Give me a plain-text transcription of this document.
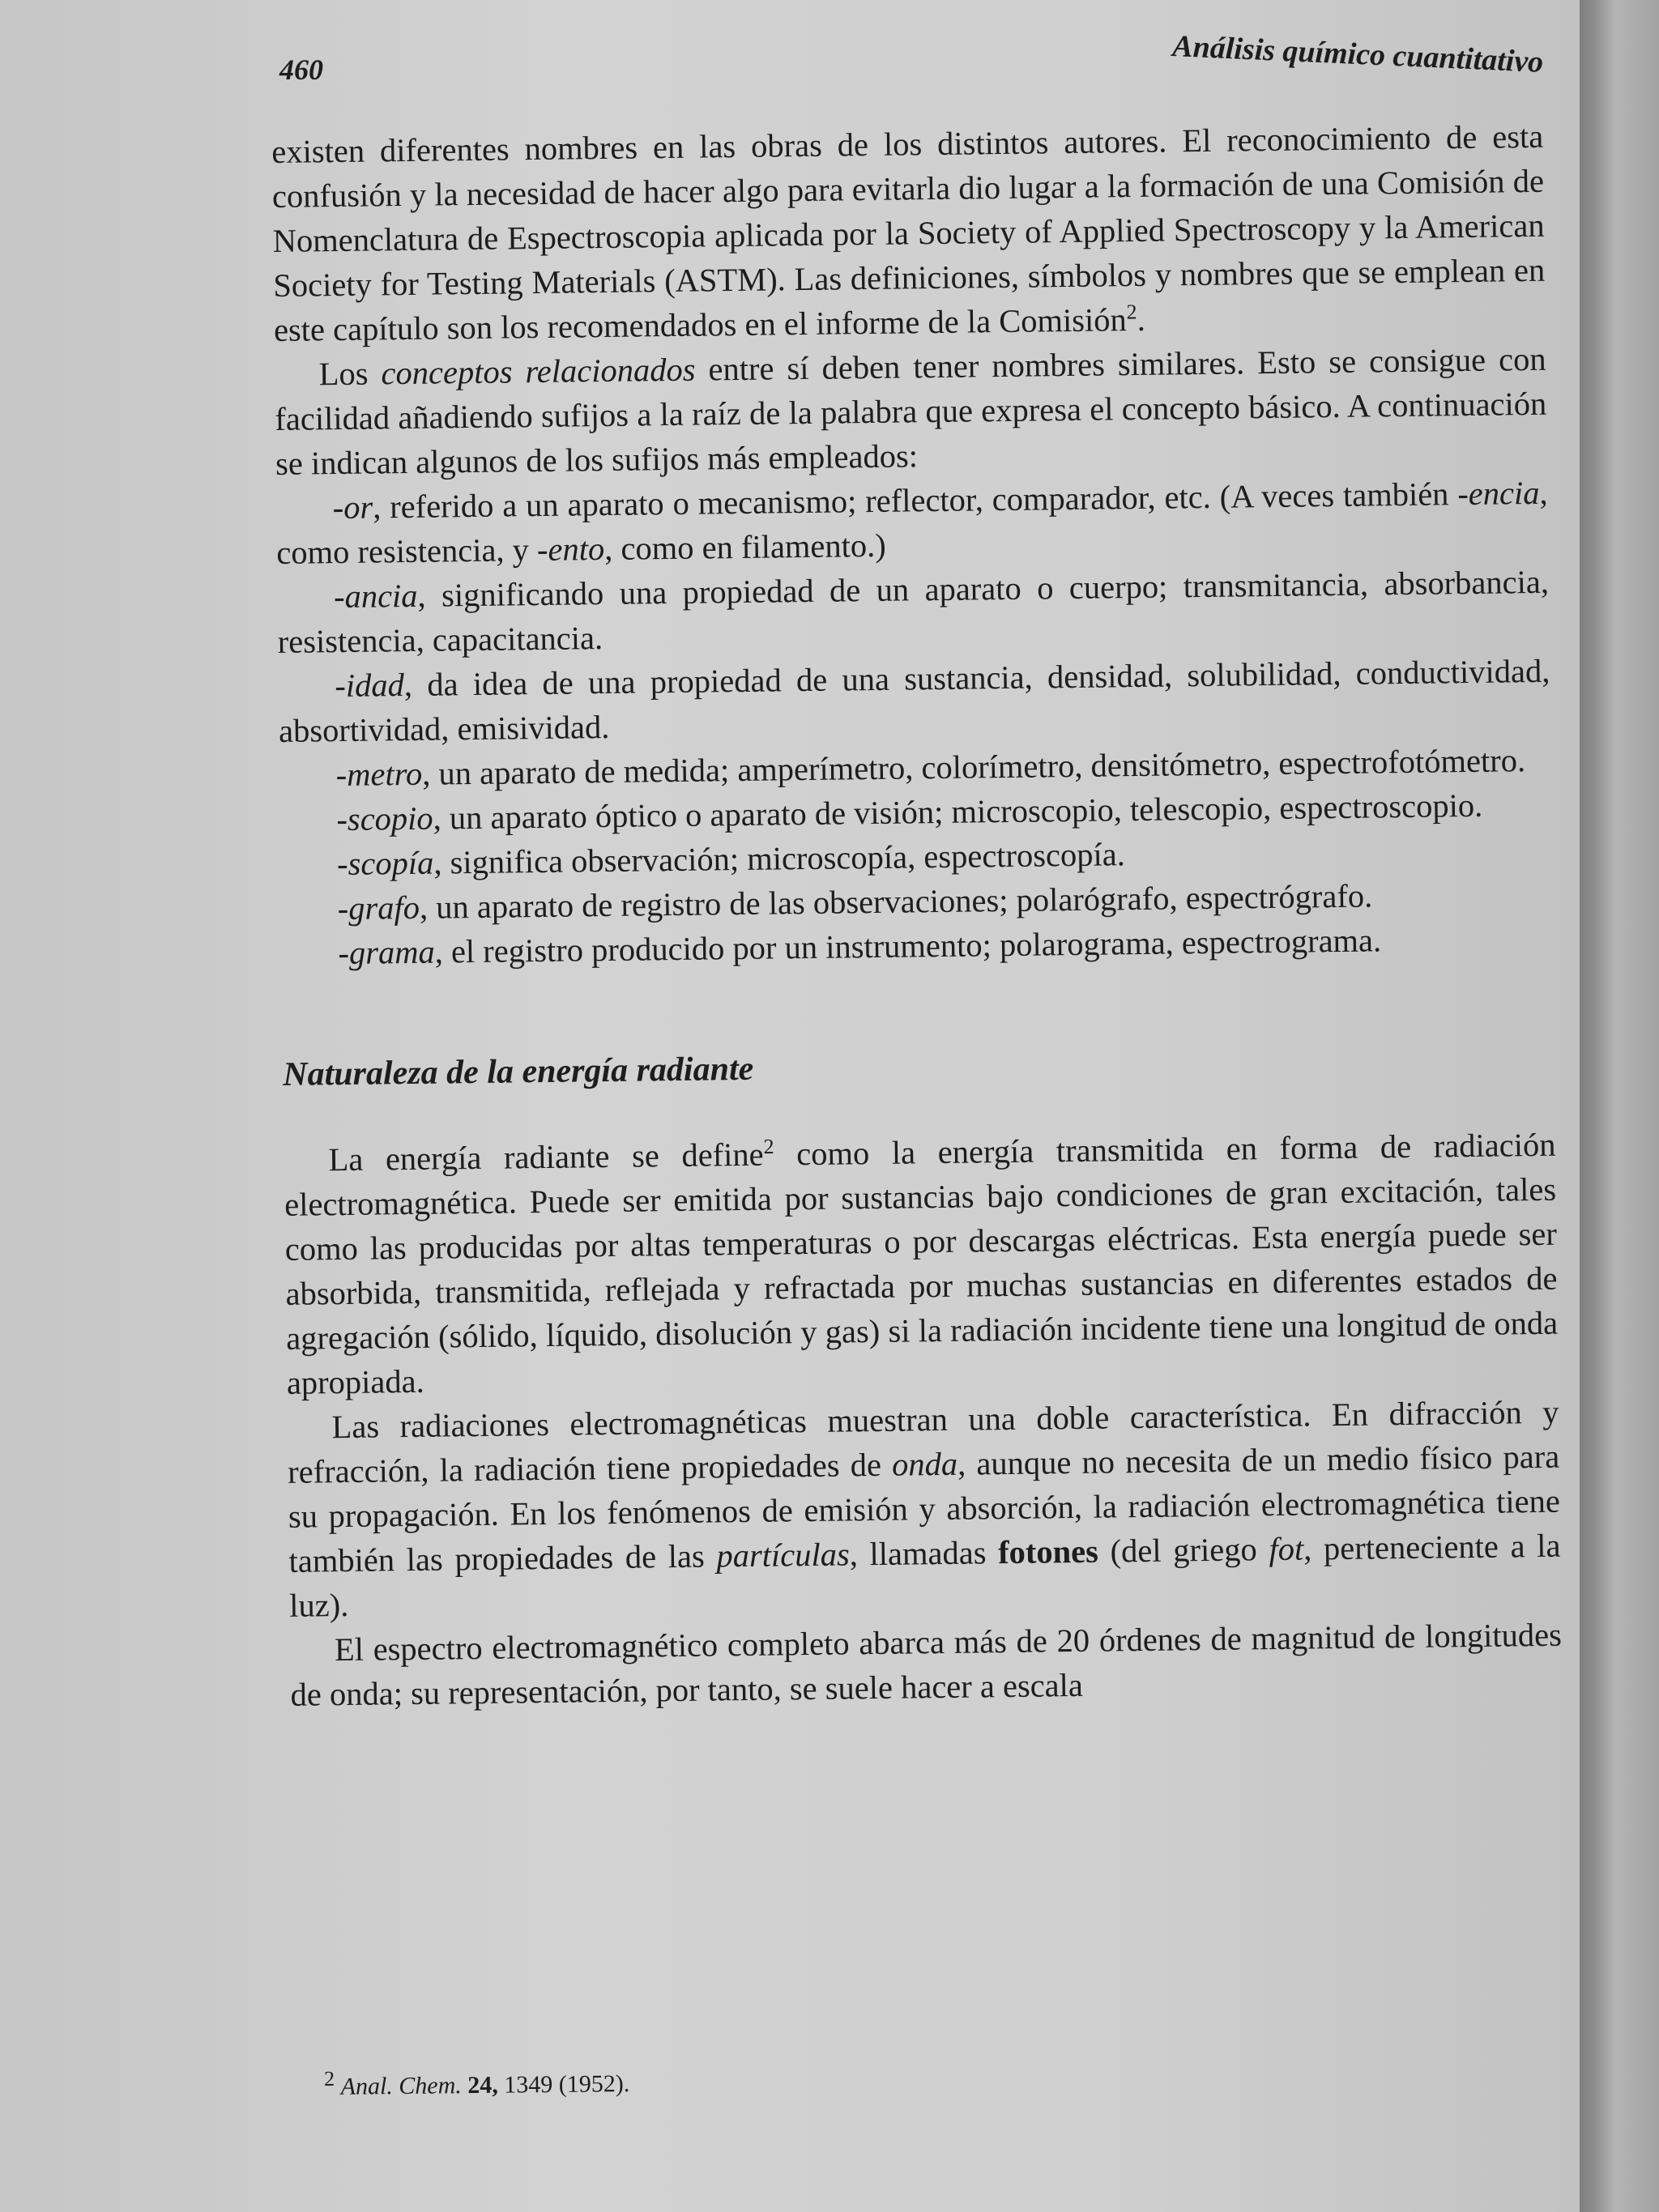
460	Análisis químico cuantitativo

existen diferentes nombres en las obras de los distintos autores. El reconocimiento de esta confusión y la necesidad de hacer algo para evitarla dio lugar a la formación de una Comisión de Nomenclatura de Espectroscopia aplicada por la Society of Applied Spectroscopy y la American Society for Testing Materials (ASTM). Las definiciones, símbolos y nombres que se emplean en este capítulo son los recomendados en el informe de la Comisión$^2$.

Los conceptos relacionados entre sí deben tener nombres similares. Esto se consigue con facilidad añadiendo sufijos a la raíz de la palabra que expresa el concepto básico. A continuación se indican algunos de los sufijos más empleados:

-or, referido a un aparato o mecanismo; reflector, comparador, etc. (A veces también -encia, como resistencia, y -ento, como en filamento.)

-ancia, significando una propiedad de un aparato o cuerpo; transmitancia, absorbancia, resistencia, capacitancia.

-idad, da idea de una propiedad de una sustancia, densidad, solubilidad, conductividad, absortividad, emisividad.

-metro, un aparato de medida; amperímetro, colorímetro, densitómetro, espectrofotómetro.

-scopio, un aparato óptico o aparato de visión; microscopio, telescopio, espectroscopio.

-scopía, significa observación; microscopía, espectroscopía.

-grafo, un aparato de registro de las observaciones; polarógrafo, espectrógrafo.

-grama, el registro producido por un instrumento; polarograma, espectrograma.

Naturaleza de la energía radiante

La energía radiante se define$^2$ como la energía transmitida en forma de radiación electromagnética. Puede ser emitida por sustancias bajo condiciones de gran excitación, tales como las producidas por altas temperaturas o por descargas eléctricas. Esta energía puede ser absorbida, transmitida, reflejada y refractada por muchas sustancias en diferentes estados de agregación (sólido, líquido, disolución y gas) si la radiación incidente tiene una longitud de onda apropiada.

Las radiaciones electromagnéticas muestran una doble característica. En difracción y refracción, la radiación tiene propiedades de onda, aunque no necesita de un medio físico para su propagación. En los fenómenos de emisión y absorción, la radiación electromagnética tiene también las propiedades de las partículas, llamadas fotones (del griego fot, perteneciente a la luz).

El espectro electromagnético completo abarca más de 20 órdenes de magnitud de longitudes de onda; su representación, por tanto, se suele hacer a escala

$^2$ Anal. Chem. 24, 1349 (1952).
